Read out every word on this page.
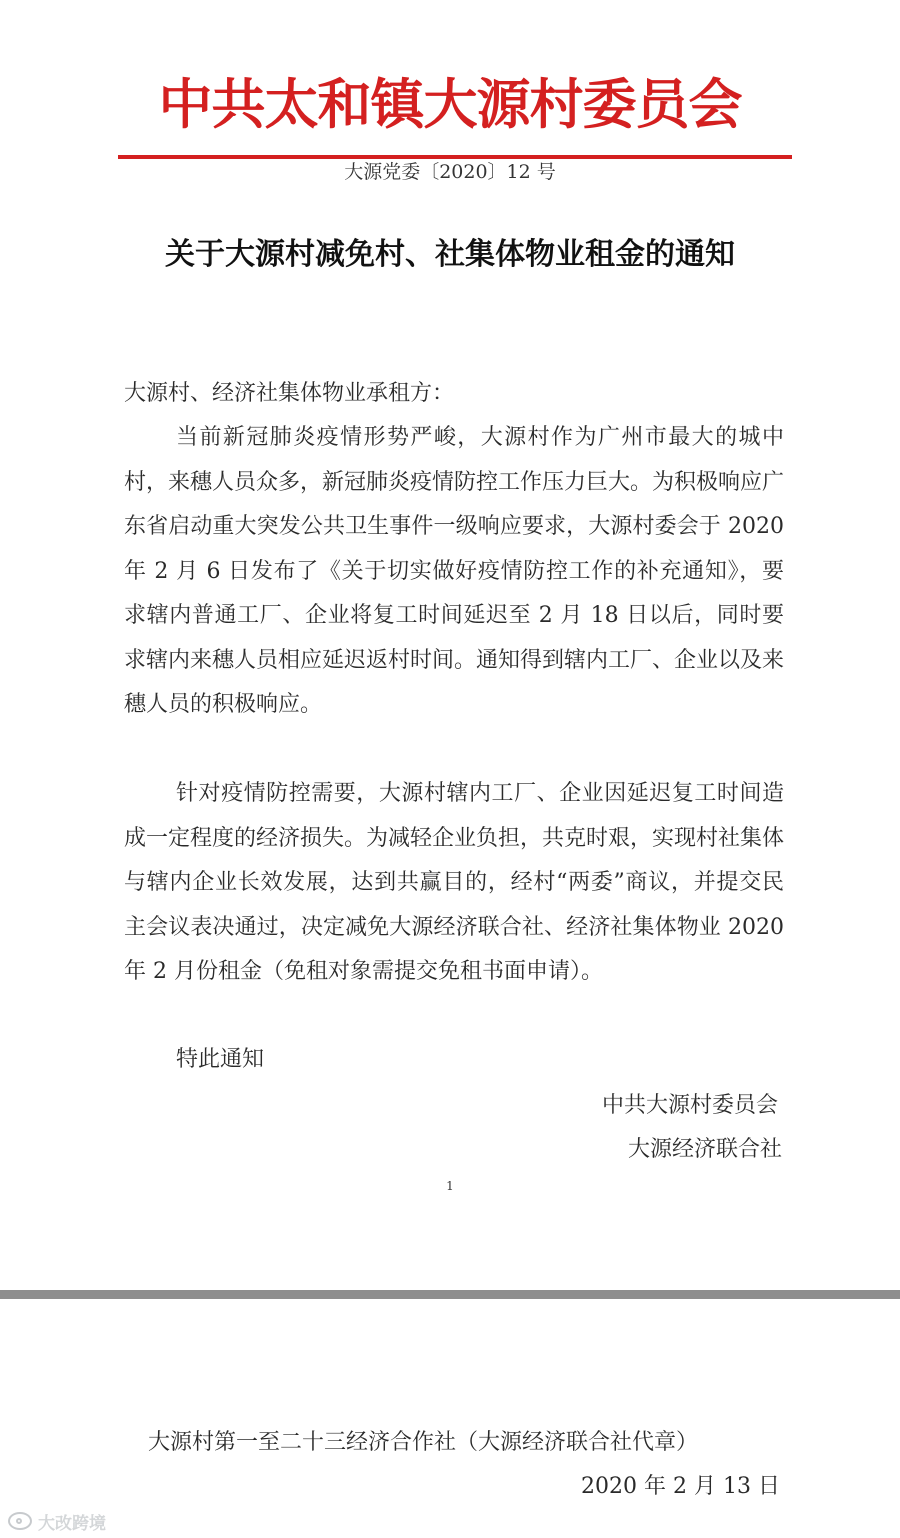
中共太和镇大源村委员会
大源党委〔2020〕12 号
关于大源村减免村、社集体物业租金的通知

大源村、经济社集体物业承租方：

当前新冠肺炎疫情形势严峻，大源村作为广州市最大的城中村，来穗人员众多，新冠肺炎疫情防控工作压力巨大。为积极响应广东省启动重大突发公共卫生事件一级响应要求，大源村委会于 2020 年 2 月 6 日发布了《关于切实做好疫情防控工作的补充通知》，要求辖内普通工厂、企业将复工时间延迟至 2 月 18 日以后，同时要求辖内来穗人员相应延迟返村时间。通知得到辖内工厂、企业以及来穗人员的积极响应。

针对疫情防控需要，大源村辖内工厂、企业因延迟复工时间造成一定程度的经济损失。为减轻企业负担，共克时艰，实现村社集体与辖内企业长效发展，达到共赢目的，经村“两委”商议，并提交民主会议表决通过，决定减免大源经济联合社、经济社集体物业 2020 年 2 月份租金（免租对象需提交免租书面申请）。

特此通知

中共大源村委员会
大源经济联合社
1
大源村第一至二十三经济合作社（大源经济联合社代章）
2020 年 2 月 13 日
大改跨境
